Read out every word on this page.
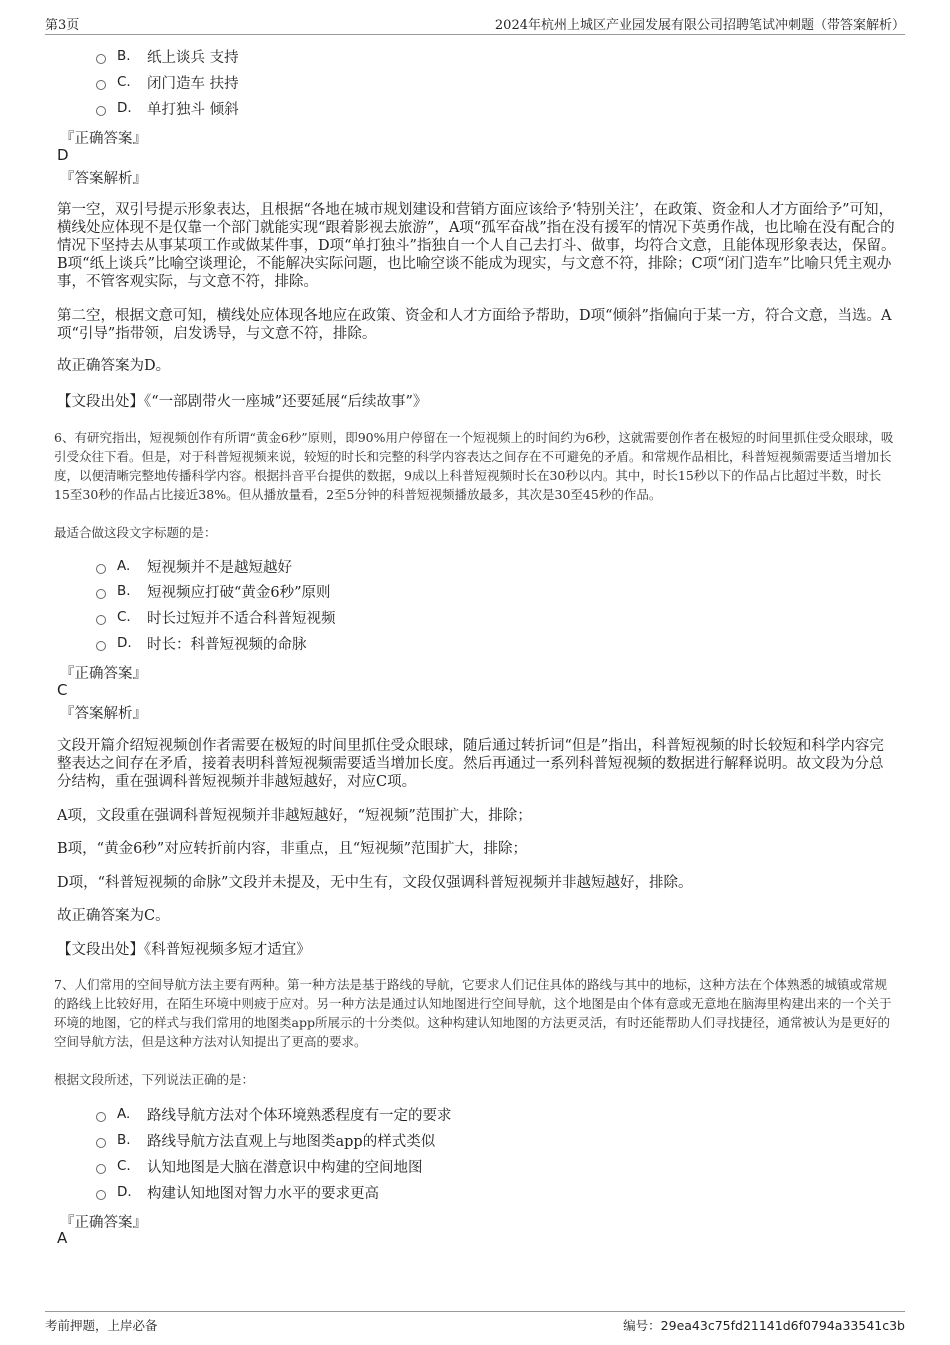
第3页	2024年杭州上城区产业园发展有限公司招聘笔试冲刺题（带答案解析）
B.	纸上谈兵 支持
C.	闭门造车 扶持
D.	单打独斗 倾斜
『正确答案』
D
『答案解析』
第一空，双引号提示形象表达，且根据“各地在城市规划建设和营销方面应该给予‘特别关注’，在政策、资金和人才方面给予”可知，横线处应体现不是仅靠一个部门就能实现“跟着影视去旅游”，A项“孤军奋战”指在没有援军的情况下英勇作战，也比喻在没有配合的情况下坚持去从事某项工作或做某件事，D项“单打独斗”指独自一个人自己去打斗、做事，均符合文意，且能体现形象表达，保留。B项“纸上谈兵”比喻空谈理论，不能解决实际问题，也比喻空谈不能成为现实，与文意不符，排除；C项“闭门造车”比喻只凭主观办事，不管客观实际，与文意不符，排除。
第二空，根据文意可知，横线处应体现各地应在政策、资金和人才方面给予帮助，D项“倾斜”指偏向于某一方，符合文意，当选。A项“引导”指带领，启发诱导，与文意不符，排除。
故正确答案为D。
【文段出处】《“一部剧带火一座城”还要延展“后续故事”》
6、有研究指出，短视频创作有所谓“黄金6秒”原则，即90%用户停留在一个短视频上的时间约为6秒，这就需要创作者在极短的时间里抓住受众眼球，吸引受众往下看。但是，对于科普短视频来说，较短的时长和完整的科学内容表达之间存在不可避免的矛盾。和常规作品相比，科普短视频需要适当增加长度，以便清晰完整地传播科学内容。根据抖音平台提供的数据，9成以上科普短视频时长在30秒以内。其中，时长15秒以下的作品占比超过半数，时长15至30秒的作品占比接近38%。但从播放量看，2至5分钟的科普短视频播放最多，其次是30至45秒的作品。
最适合做这段文字标题的是：
A.	短视频并不是越短越好
B.	短视频应打破“黄金6秒”原则
C.	时长过短并不适合科普短视频
D.	时长：科普短视频的命脉
『正确答案』
C
『答案解析』
文段开篇介绍短视频创作者需要在极短的时间里抓住受众眼球，随后通过转折词“但是”指出，科普短视频的时长较短和科学内容完整表达之间存在矛盾，接着表明科普短视频需要适当增加长度。然后再通过一系列科普短视频的数据进行解释说明。故文段为分总分结构，重在强调科普短视频并非越短越好，对应C项。
A项，文段重在强调科普短视频并非越短越好，“短视频”范围扩大，排除；
B项，“黄金6秒”对应转折前内容，非重点，且“短视频”范围扩大，排除；
D项，“科普短视频的命脉”文段并未提及，无中生有，文段仅强调科普短视频并非越短越好，排除。
故正确答案为C。
【文段出处】《科普短视频多短才适宜》
7、人们常用的空间导航方法主要有两种。第一种方法是基于路线的导航，它要求人们记住具体的路线与其中的地标，这种方法在个体熟悉的城镇或常规的路线上比较好用，在陌生环境中则疲于应对。另一种方法是通过认知地图进行空间导航，这个地图是由个体有意或无意地在脑海里构建出来的一个关于环境的地图，它的样式与我们常用的地图类app所展示的十分类似。这种构建认知地图的方法更灵活，有时还能帮助人们寻找捷径，通常被认为是更好的空间导航方法，但是这种方法对认知提出了更高的要求。
根据文段所述，下列说法正确的是：
A.	路线导航方法对个体环境熟悉程度有一定的要求
B.	路线导航方法直观上与地图类app的样式类似
C.	认知地图是大脑在潜意识中构建的空间地图
D.	构建认知地图对智力水平的要求更高
『正确答案』
A
考前押题，上岸必备	编号：29ea43c75fd21141d6f0794a33541c3b
